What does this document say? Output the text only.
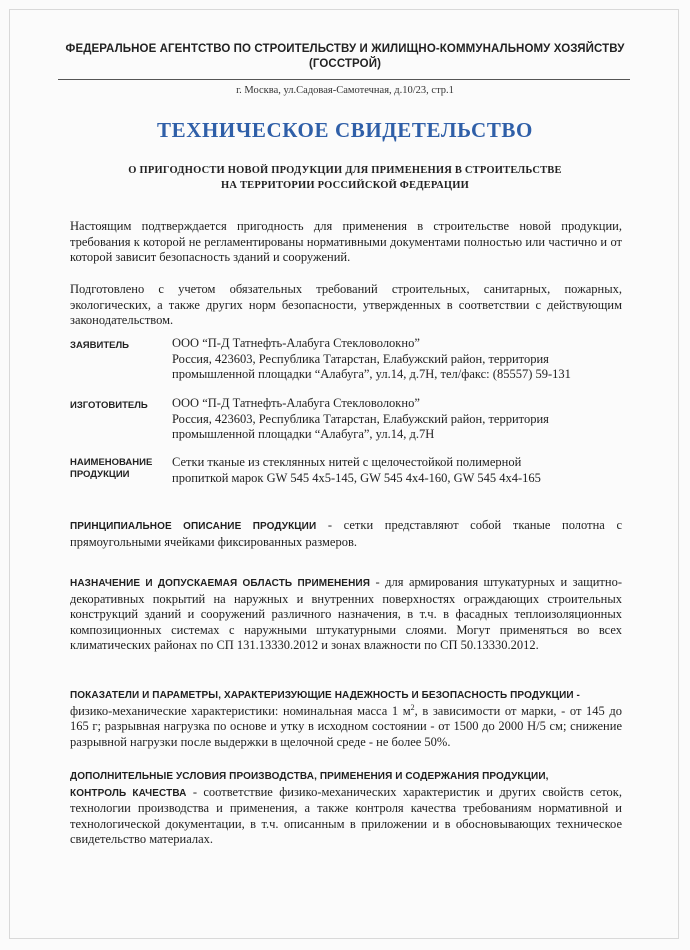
ФЕДЕРАЛЬНОЕ АГЕНТСТВО ПО СТРОИТЕЛЬСТВУ И ЖИЛИЩНО-КОММУНАЛЬНОМУ ХОЗЯЙСТВУ (ГОССТРОЙ)
г. Москва, ул.Садовая-Самотечная, д.10/23, стр.1
ТЕХНИЧЕСКОЕ СВИДЕТЕЛЬСТВО
О ПРИГОДНОСТИ НОВОЙ ПРОДУКЦИИ ДЛЯ ПРИМЕНЕНИЯ В СТРОИТЕЛЬСТВЕ
НА ТЕРРИТОРИИ РОССИЙСКОЙ ФЕДЕРАЦИИ
Настоящим подтверждается пригодность для применения в строительстве новой продукции, требования к которой не регламентированы нормативными документами полностью или частично и от которой зависит безопасность зданий и сооружений.
Подготовлено с учетом обязательных требований строительных, санитарных, пожарных, экологических, а также других норм безопасности, утвержденных в соответствии с действующим законодательством.
ЗАЯВИТЕЛЬ	ООО “П-Д Татнефть-Алабуга Стекловолокно”
Россия, 423603, Республика Татарстан, Елабужский район, территория
промышленной площадки “Алабуга”, ул.14, д.7Н, тел/факс: (85557) 59-131
ИЗГОТОВИТЕЛЬ	ООО “П-Д Татнефть-Алабуга Стекловолокно”
Россия, 423603, Республика Татарстан, Елабужский район, территория
промышленной площадки “Алабуга”, ул.14, д.7Н
НАИМЕНОВАНИЕ
ПРОДУКЦИИ
Сетки тканые из стеклянных нитей с щелочестойкой полимерной
пропиткой марок GW 545 4х5-145, GW 545 4х4-160, GW 545 4х4-165
ПРИНЦИПИАЛЬНОЕ ОПИСАНИЕ ПРОДУКЦИИ - сетки представляют собой тканые полотна с прямоугольными ячейками фиксированных размеров.
НАЗНАЧЕНИЕ И ДОПУСКАЕМАЯ ОБЛАСТЬ ПРИМЕНЕНИЯ - для армирования штукатурных и защитно-декоративных покрытий на наружных и внутренних поверхностях ограждающих строительных конструкций зданий и сооружений различного назначения, в т.ч. в фасадных теплоизоляционных композиционных системах с наружными штукатурными слоями. Могут применяться во всех климатических районах по СП 131.13330.2012 и зонах влажности по СП 50.13330.2012.
ПОКАЗАТЕЛИ И ПАРАМЕТРЫ, ХАРАКТЕРИЗУЮЩИЕ НАДЕЖНОСТЬ И БЕЗОПАСНОСТЬ ПРОДУКЦИИ -
физико-механические характеристики: номинальная масса 1 $м^2$, в зависимости от марки, - от 145 до 165 г; разрывная нагрузка по основе и утку в исходном состоянии - от 1500 до 2000 Н/5 см; снижение разрывной нагрузки после выдержки в щелочной среде - не более 50%.
ДОПОЛНИТЕЛЬНЫЕ УСЛОВИЯ ПРОИЗВОДСТВА, ПРИМЕНЕНИЯ И СОДЕРЖАНИЯ ПРОДУКЦИИ,
КОНТРОЛЬ КАЧЕСТВА - соответствие физико-механических характеристик и других свойств сеток, технологии производства и применения, а также контроля качества требованиям нормативной и технологической документации, в т.ч. описанным в приложении и в обосновывающих техническое свидетельство материалах.
